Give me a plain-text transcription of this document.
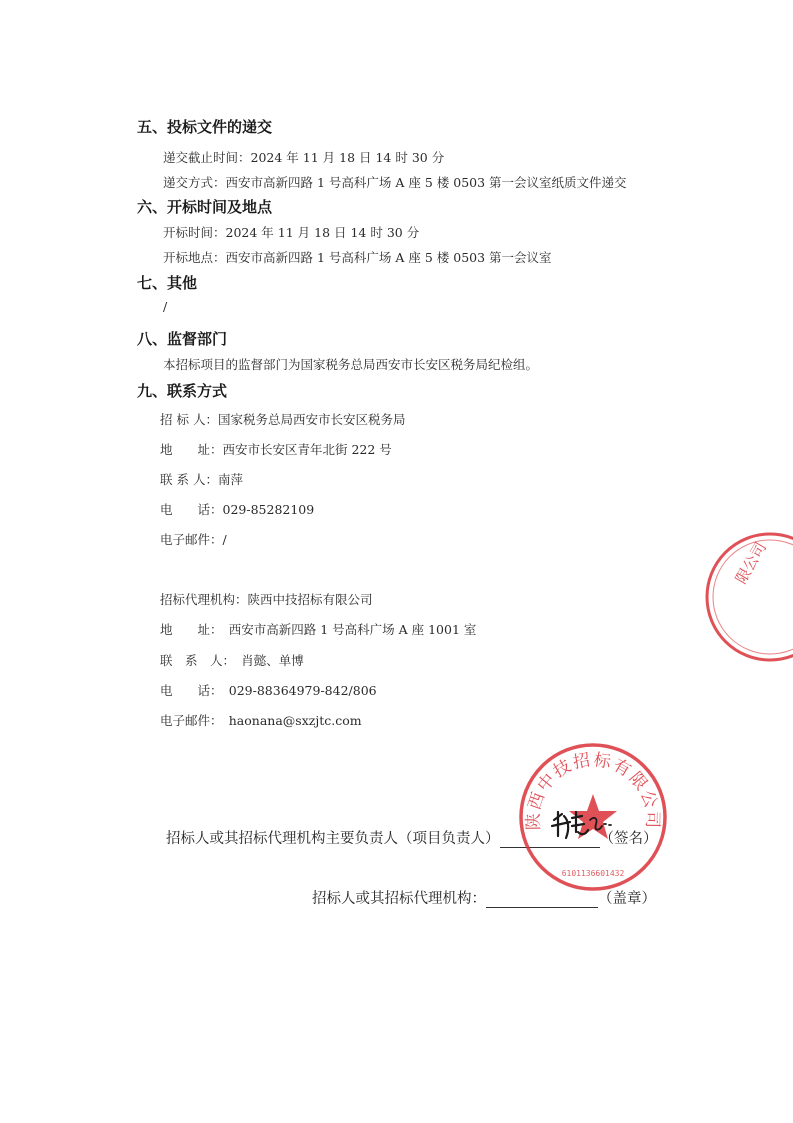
五、投标文件的递交
递交截止时间：2024 年 11 月 18 日 14 时 30 分
递交方式：西安市高新四路 1 号高科广场 A 座 5 楼 0503 第一会议室纸质文件递交
六、开标时间及地点
开标时间：2024 年 11 月 18 日 14 时 30 分
开标地点：西安市高新四路 1 号高科广场 A 座 5 楼 0503 第一会议室
七、其他
/
八、监督部门
本招标项目的监督部门为国家税务总局西安市长安区税务局纪检组。
九、联系方式
招 标 人：国家税务总局西安市长安区税务局
地　　址：西安市长安区青年北街 222 号
联 系 人：南萍
电　　话：029-85282109
电子邮件：/
招标代理机构：陕西中技招标有限公司
地　　址：　西安市高新四路 1 号高科广场 A 座 1001 室
联　系　人：　肖懿、单博
电　　话：　029-88364979-842/806
电子邮件：　haonana@sxzjtc.com
限公司
招标人或其招标代理机构主要负责人（项目负责人）	（签名）
招标人或其招标代理机构：	（盖章）
陕西中技招标有限公司
6101136601432
